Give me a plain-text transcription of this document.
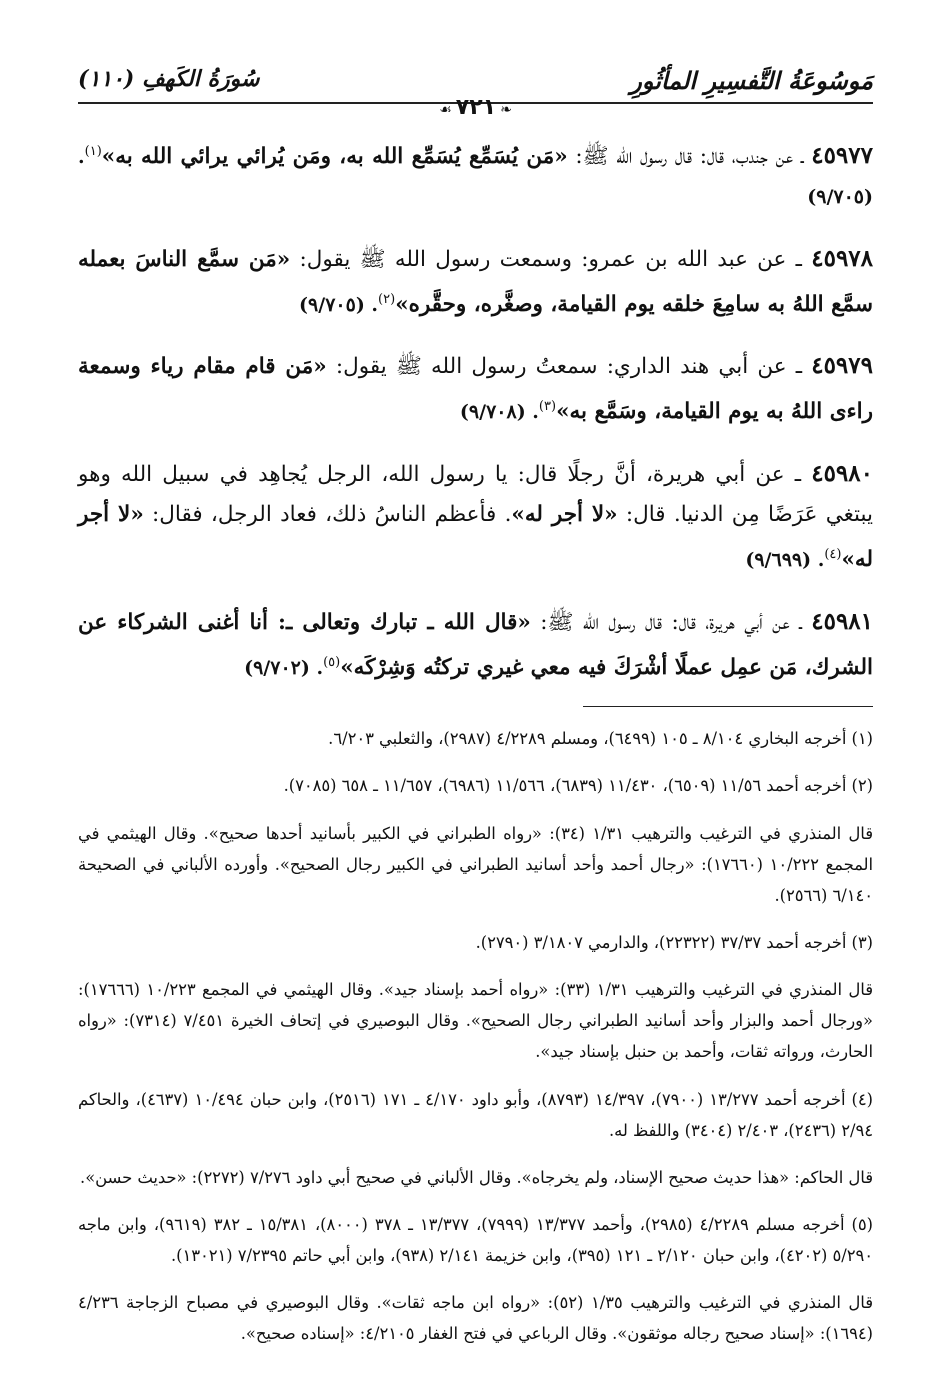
مَوسُوعَةُ التَّفسِيرِ المأثُورِ
سُورَةُ الكَهفِ (١١٠)
❧٧٢١☙

٤٥٩٧٧ ـ عن جندب، قال: قال رسول الله ﷺ: «مَن يُسَمِّع يُسَمِّع الله به، ومَن يُرائي يرائي الله به»$^{(١)}$. (٩/٧٠٥)

٤٥٩٧٨ ـ عن عبد الله بن عمرو: وسمعت رسول الله ﷺ يقول: «مَن سمَّع الناسَ بعمله سمَّع اللهُ به سامِعَ خلقه يوم القيامة، وصغَّره، وحقَّره»$^{(٢)}$. (٩/٧٠٥)

٤٥٩٧٩ ـ عن أبي هند الداري: سمعتُ رسول الله ﷺ يقول: «مَن قام مقام رياء وسمعة راءى اللهُ به يوم القيامة، وسَمَّع به»$^{(٣)}$. (٩/٧٠٨)

٤٥٩٨٠ ـ عن أبي هريرة، أنَّ رجلًا قال: يا رسول الله، الرجل يُجاهِد في سبيل الله وهو يبتغي عَرَضًا مِن الدنيا. قال: «لا أجر له». فأعظم الناسُ ذلك، فعاد الرجل، فقال: «لا أجر له»$^{(٤)}$. (٩/٦٩٩)

٤٥٩٨١ ـ عن أبي هريرة، قال: قال رسول الله ﷺ: «قال الله ـ تبارك وتعالى ـ: أنا أغنى الشركاء عن الشرك، مَن عمِل عملًا أشْرَكَ فيه معي غيري تركتُه وَشِرْكَه»$^{(٥)}$. (٩/٧٠٢)

(١) أخرجه البخاري ٨/١٠٤ ـ ١٠٥ (٦٤٩٩)، ومسلم ٤/٢٢٨٩ (٢٩٨٧)، والثعلبي ٦/٢٠٣.

(٢) أخرجه أحمد ١١/٥٦ (٦٥٠٩)، ١١/٤٣٠ (٦٨٣٩)، ١١/٥٦٦ (٦٩٨٦)، ١١/٦٥٧ ـ ٦٥٨ (٧٠٨٥).

قال المنذري في الترغيب والترهيب ١/٣١ (٣٤): «رواه الطبراني في الكبير بأسانيد أحدها صحيح». وقال الهيثمي في المجمع ١٠/٢٢٢ (١٧٦٦٠): «رجال أحمد وأحد أسانيد الطبراني في الكبير رجال الصحيح». وأورده الألباني في الصحيحة ٦/١٤٠ (٢٥٦٦).

(٣) أخرجه أحمد ٣٧/٣٧ (٢٢٣٢٢)، والدارمي ٣/١٨٠٧ (٢٧٩٠).

قال المنذري في الترغيب والترهيب ١/٣١ (٣٣): «رواه أحمد بإسناد جيد». وقال الهيثمي في المجمع ١٠/٢٢٣ (١٧٦٦٦): «ورجال أحمد والبزار وأحد أسانيد الطبراني رجال الصحيح». وقال البوصيري في إتحاف الخيرة ٧/٤٥١ (٧٣١٤): «رواه الحارث، ورواته ثقات، وأحمد بن حنبل بإسناد جيد».

(٤) أخرجه أحمد ١٣/٢٧٧ (٧٩٠٠)، ١٤/٣٩٧ (٨٧٩٣)، وأبو داود ٤/١٧٠ ـ ١٧١ (٢٥١٦)، وابن حبان ١٠/٤٩٤ (٤٦٣٧)، والحاكم ٢/٩٤ (٢٤٣٦)، ٢/٤٠٣ (٣٤٠٤) واللفظ له.

قال الحاكم: «هذا حديث صحيح الإسناد، ولم يخرجاه». وقال الألباني في صحيح أبي داود ٧/٢٧٦ (٢٢٧٢): «حديث حسن».

(٥) أخرجه مسلم ٤/٢٢٨٩ (٢٩٨٥)، وأحمد ١٣/٣٧٧ (٧٩٩٩)، ١٣/٣٧٧ ـ ٣٧٨ (٨٠٠٠)، ١٥/٣٨١ ـ ٣٨٢ (٩٦١٩)، وابن ماجه ٥/٢٩٠ (٤٢٠٢)، وابن حبان ٢/١٢٠ ـ ١٢١ (٣٩٥)، وابن خزيمة ٢/١٤١ (٩٣٨)، وابن أبي حاتم ٧/٢٣٩٥ (١٣٠٢١).

قال المنذري في الترغيب والترهيب ١/٣٥ (٥٢): «رواه ابن ماجه ثقات». وقال البوصيري في مصباح الزجاجة ٤/٢٣٦ (١٦٩٤): «إسناد صحيح رجاله موثقون». وقال الرباعي في فتح الغفار ٤/٢١٠٥: «إسناده صحيح».
